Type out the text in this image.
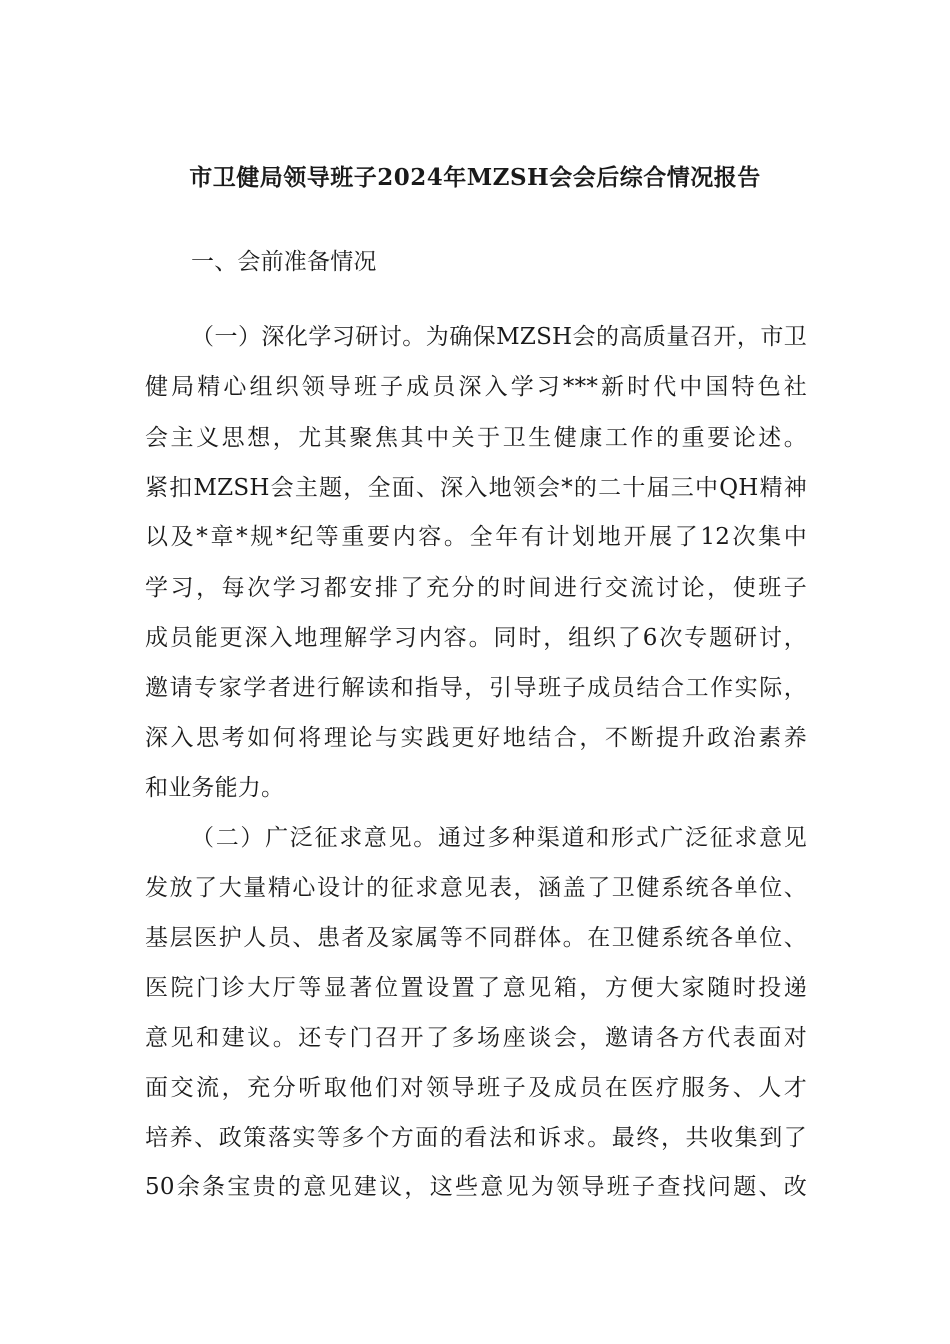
市卫健局领导班子2024年MZSH会会后综合情况报告
一、会前准备情况
（一）深化学习研讨。为确保MZSH会的高质量召开，市卫
健局精心组织领导班子成员深入学习***新时代中国特色社
会主义思想，尤其聚焦其中关于卫生健康工作的重要论述。
紧扣MZSH会主题，全面、深入地领会*的二十届三中QH精神
以及*章*规*纪等重要内容。全年有计划地开展了12次集中
学习，每次学习都安排了充分的时间进行交流讨论，使班子
成员能更深入地理解学习内容。同时，组织了6次专题研讨，
邀请专家学者进行解读和指导，引导班子成员结合工作实际，
深入思考如何将理论与实践更好地结合，不断提升政治素养
和业务能力。
（二）广泛征求意见。通过多种渠道和形式广泛征求意见
发放了大量精心设计的征求意见表，涵盖了卫健系统各单位、
基层医护人员、患者及家属等不同群体。在卫健系统各单位、
医院门诊大厅等显著位置设置了意见箱，方便大家随时投递
意见和建议。还专门召开了多场座谈会，邀请各方代表面对
面交流，充分听取他们对领导班子及成员在医疗服务、人才
培养、政策落实等多个方面的看法和诉求。最终，共收集到了
50余条宝贵的意见建议，这些意见为领导班子查找问题、改
